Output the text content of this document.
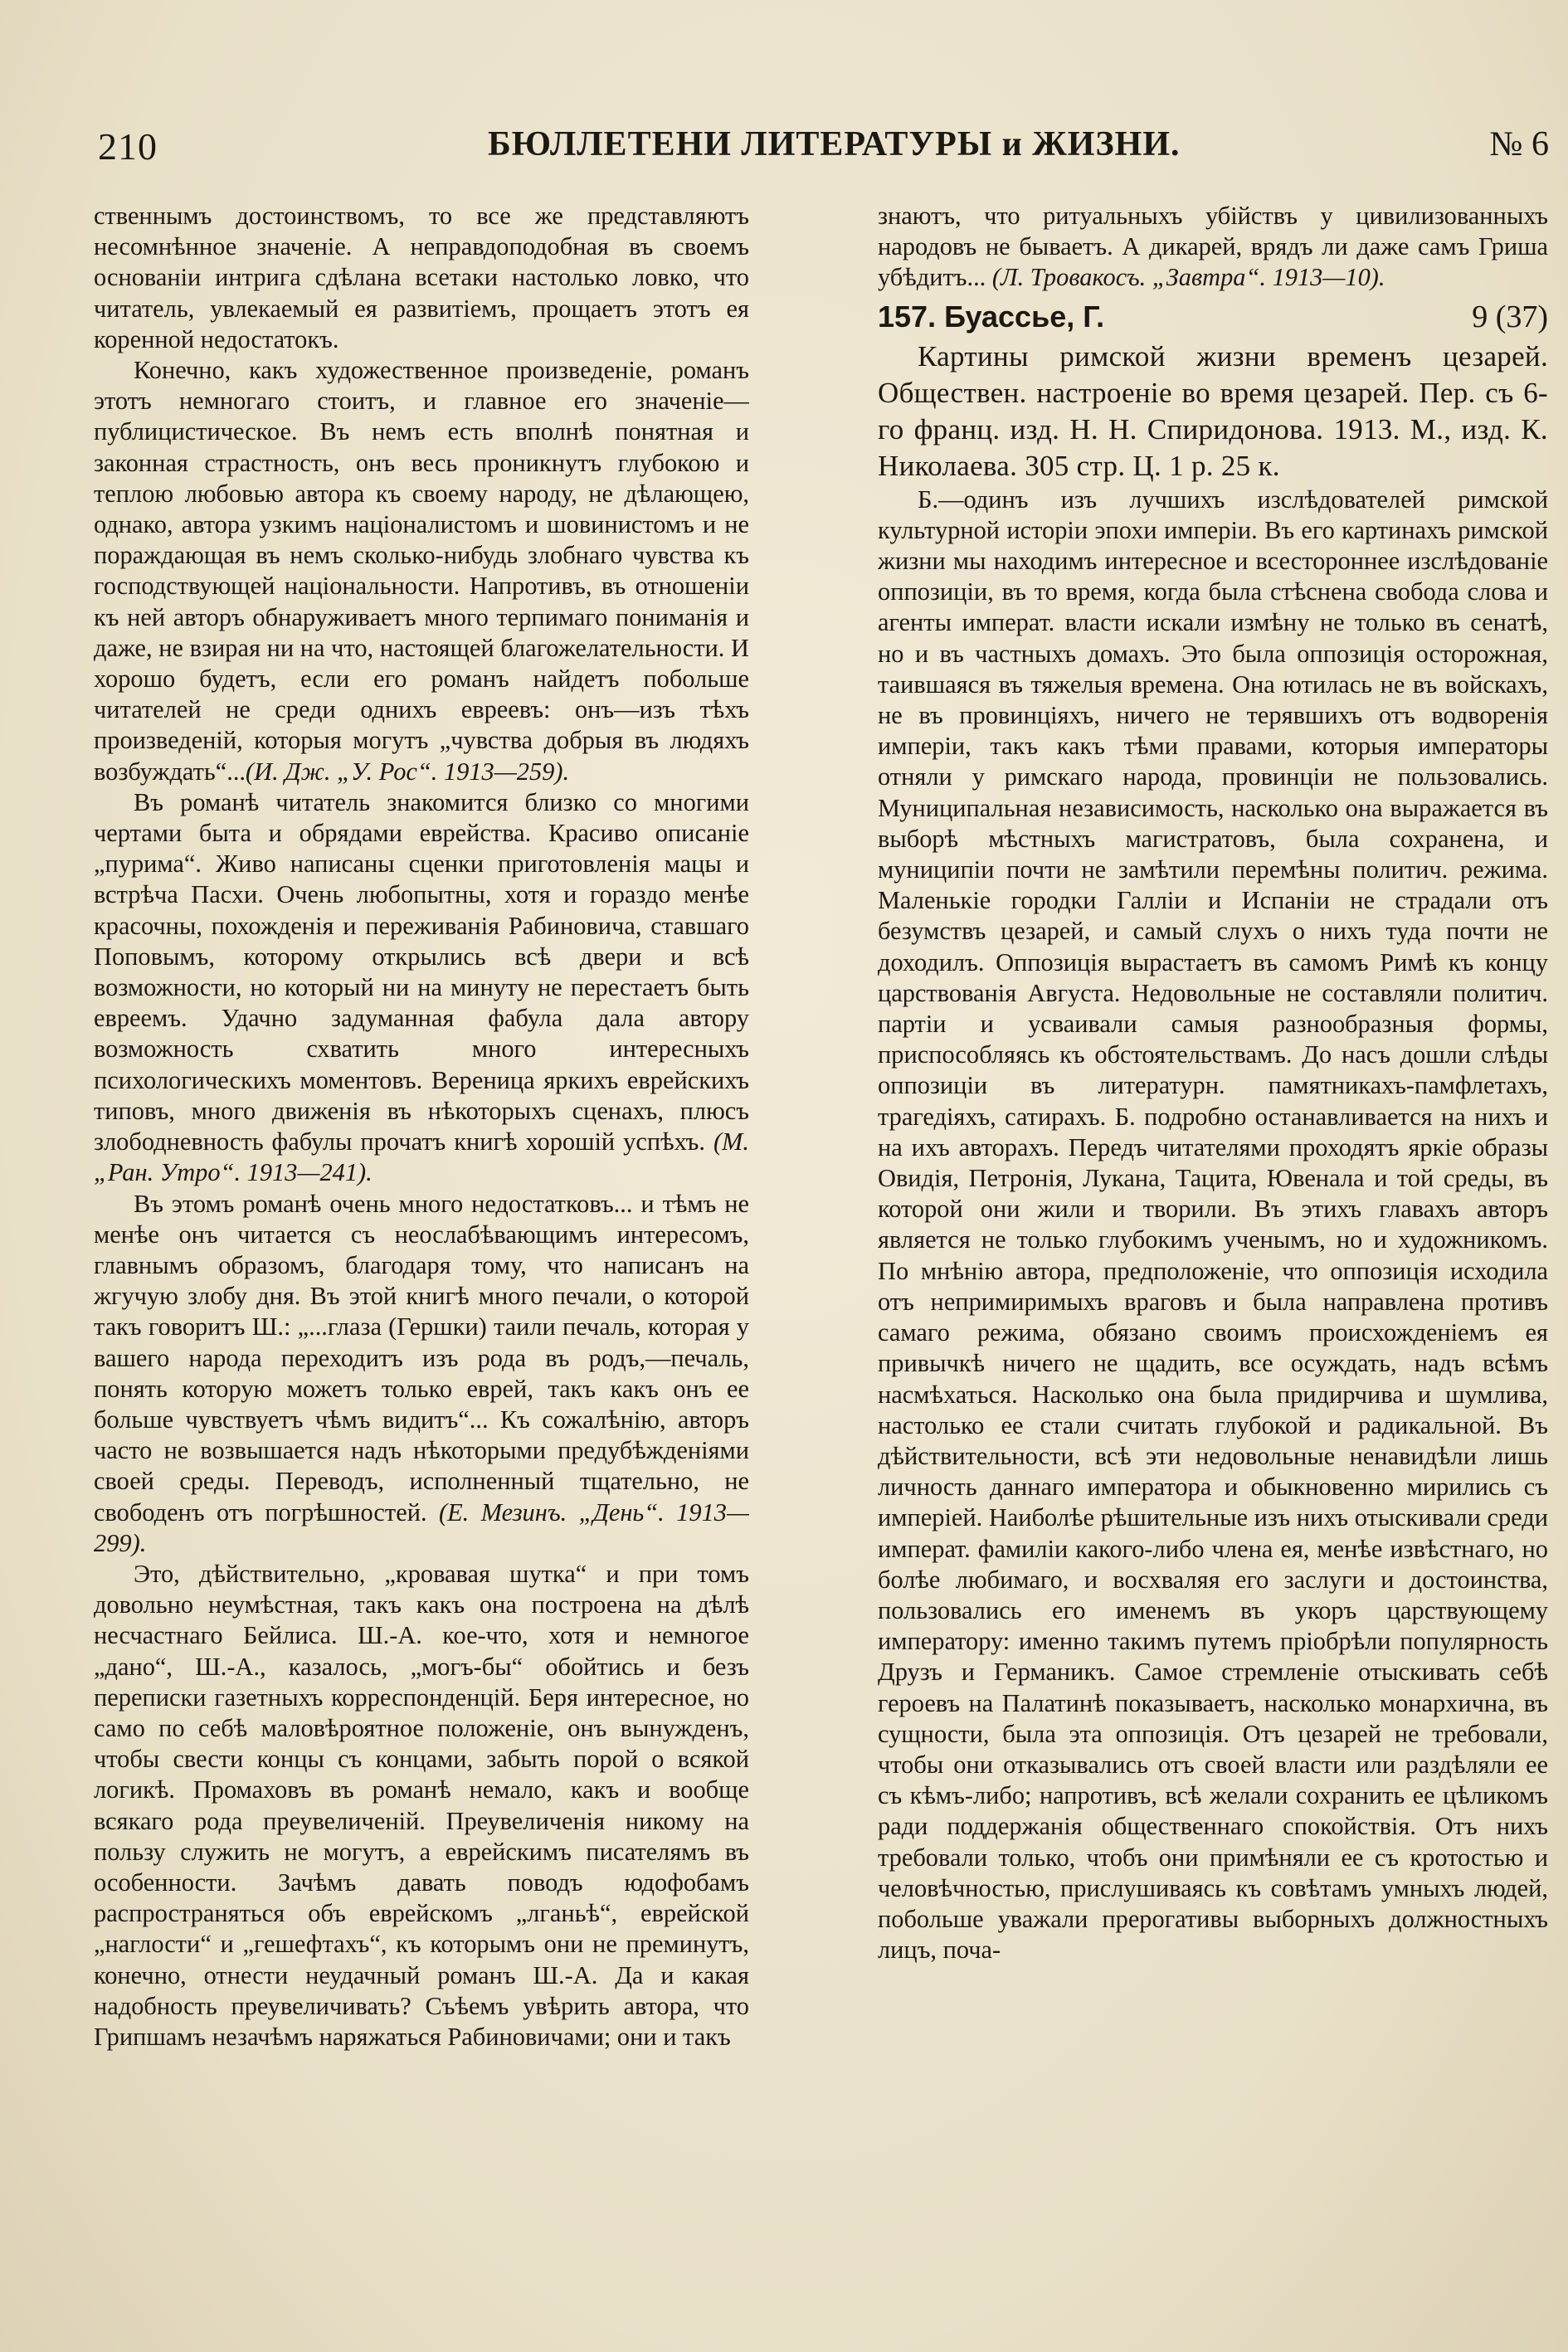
210	БЮЛЛЕТЕНИ ЛИТЕРАТУРЫ и ЖИЗНИ.	№ 6

ственнымъ достоинствомъ, то все же представляютъ несомнѣнное значенiе. А неправдоподобная въ своемъ основанiи интрига сдѣлана всетаки настолько ловко, что читатель, увлекаемый ея развитiемъ, прощаетъ этотъ ея коренной недостатокъ.

Конечно, какъ художественное произведенiе, романъ этотъ немногаго стоитъ, и главное его значенiе—публицистическое. Въ немъ есть вполнѣ понятная и законная страстность, онъ весь проникнутъ глубокою и теплою любовью автора къ своему народу, не дѣлающею, однако, автора узкимъ нацiоналистомъ и шовинистомъ и не пораждающая въ немъ сколько-нибудь злобнаго чувства къ господствующей нацiональности. Напротивъ, въ отношенiи къ ней авторъ обнаруживаетъ много терпимаго пониманiя и даже, не взирая ни на что, настоящей благожелательности. И хорошо будетъ, если его романъ найдетъ побольше читателей не среди однихъ евреевъ: онъ—изъ тѣхъ произведенiй, которыя могутъ „чувства добрыя въ людяхъ возбуждать“...(И. Дж. „У. Рос“. 1913—259).

Въ романѣ читатель знакомится близко со многими чертами быта и обрядами еврейства. Красиво описанiе „пурима“. Живо написаны сценки приготовленiя мацы и встрѣча Пасхи. Очень любопытны, хотя и гораздо менѣе красочны, похожденiя и переживанiя Рабиновича, ставшаго Поповымъ, которому открылись всѣ двери и всѣ возможности, но который ни на минуту не перестаетъ быть евреемъ. Удачно задуманная фабула дала автору возможность схватить много интересныхъ психологическихъ моментовъ. Вереница яркихъ еврейскихъ типовъ, много движенiя въ нѣкоторыхъ сценахъ, плюсъ злободневность фабулы прочатъ книгѣ хорошiй успѣхъ. (М. „Ран. Утро“. 1913—241).

Въ этомъ романѣ очень много недостатковъ... и тѣмъ не менѣе онъ читается съ неослабѣвающимъ интересомъ, главнымъ образомъ, благодаря тому, что написанъ на жгучую злобу дня. Въ этой книгѣ много печали, о которой такъ говоритъ Ш.: „...глаза (Гершки) таили печаль, которая у вашего народа переходитъ изъ рода въ родъ,—печаль, понять которую можетъ только еврей, такъ какъ онъ ее больше чувствуетъ чѣмъ видитъ“... Къ сожалѣнiю, авторъ часто не возвышается надъ нѣкоторыми предубѣжденiями своей среды. Переводъ, исполненный тщательно, не свободенъ отъ погрѣшностей. (Е. Мезинъ. „День“. 1913—299).

Это, дѣйствительно, „кровавая шутка“ и при томъ довольно неумѣстная, такъ какъ она построена на дѣлѣ несчастнаго Бейлиса. Ш.-А. кое-что, хотя и немногое „дано“, Ш.-А., казалось, „могъ-бы“ обойтись и безъ переписки газетныхъ корреспонденцiй. Беря интересное, но само по себѣ маловѣроятное положенiе, онъ вынужденъ, чтобы свести концы съ концами, забыть порой о всякой логикѣ. Промаховъ въ романѣ немало, какъ и вообще всякаго рода преувеличенiй. Преувеличенiя никому на пользу служить не могутъ, а еврейскимъ писателямъ въ особенности. Зачѣмъ давать поводъ юдофобамъ распространяться объ еврейскомъ „лганьѣ“, еврейской „наглости“ и „гешефтахъ“, къ которымъ они не преминутъ, конечно, отнести неудачный романъ Ш.-А. Да и какая надобность преувеличивать? Съѣемъ увѣрить автора, что Грипшамъ незачѣмъ наряжаться Рабиновичами; они и такъ

знаютъ, что ритуальныхъ убiйствъ у цивилизованныхъ народовъ не бываетъ. А дикарей, врядъ ли даже самъ Гриша убѣдитъ... (Л. Тровакосъ. „Завтра“. 1913—10).

157. Буассье, Г.	9 (37)

Картины римской жизни временъ цезарей. Обществен. настроенiе во время цезарей. Пер. съ 6-го франц. изд. Н. Н. Спиридонова. 1913. М., изд. К. Николаева. 305 стр. Ц. 1 р. 25 к.

Б.—одинъ изъ лучшихъ изслѣдователей римской культурной исторiи эпохи имперiи. Въ его картинахъ римской жизни мы находимъ интересное и всестороннее изслѣдованiе оппозицiи, въ то время, когда была стѣснена свобода слова и агенты императ. власти искали измѣну не только въ сенатѣ, но и въ частныхъ домахъ. Это была оппозицiя осторожная, таившаяся въ тяжелыя времена. Она ютилась не въ войскахъ, не въ провинцiяхъ, ничего не терявшихъ отъ водворенiя имперiи, такъ какъ тѣми правами, которыя императоры отняли у римскаго народа, провинцiи не пользовались. Муниципальная независимость, насколько она выражается въ выборѣ мѣстныхъ магистратовъ, была сохранена, и муниципiи почти не замѣтили перемѣны политич. режима. Маленькiе городки Галлiи и Испанiи не страдали отъ безумствъ цезарей, и самый слухъ о нихъ туда почти не доходилъ. Оппозицiя выраcтаетъ въ самомъ Римѣ къ концу царствованiя Августа. Недовольные не составляли политич. партiи и усваивали самыя разнообразныя формы, приспособляясь къ обстоятельствамъ. До насъ дошли слѣды оппозицiи въ литературн. памятникахъ-памфлетахъ, трагедiяхъ, сатирахъ. Б. подробно останавливается на нихъ и на ихъ авторахъ. Передъ читателями проходятъ яркiе образы Овидiя, Петронiя, Лукана, Тацита, Ювенала и той среды, въ которой они жили и творили. Въ этихъ главахъ авторъ является не только глубокимъ ученымъ, но и художникомъ. По мнѣнiю автора, предположенiе, что оппозицiя исходила отъ непримиримыхъ враговъ и была направлена противъ самаго режима, обязано своимъ происхожденiемъ ея привычкѣ ничего не щадить, все осуждать, надъ всѣмъ насмѣхаться. Насколько она была придирчива и шумлива, настолько ее стали считать глубокой и радикальной. Въ дѣйствительности, всѣ эти недовольные ненавидѣли лишь личность даннаго императора и обыкновенно мирились съ имперiей. Наиболѣе рѣшительные изъ нихъ отыскивали среди императ. фамилiи какого-либо члена ея, менѣе извѣстнаго, но болѣе любимаго, и восхваляя его заслуги и достоинства, пользовались его именемъ въ укоръ царствующему императору: именно такимъ путемъ прiобрѣли популярность Друзъ и Германикъ. Самое стремленiе отыскивать себѣ героевъ на Палатинѣ показываетъ, насколько монархична, въ сущности, была эта оппозицiя. Отъ цезарей не требовали, чтобы они отказывались отъ своей власти или раздѣляли ее съ кѣмъ-либо; напротивъ, всѣ желали сохранить ее цѣликомъ ради поддержанiя общественнаго спокойствiя. Отъ нихъ требовали только, чтобъ они примѣняли ее съ кротостью и человѣчностью, прислушиваясь къ совѣтамъ умныхъ людей, побольше уважали прерогативы выборныхъ должностныхъ лицъ, поча-
